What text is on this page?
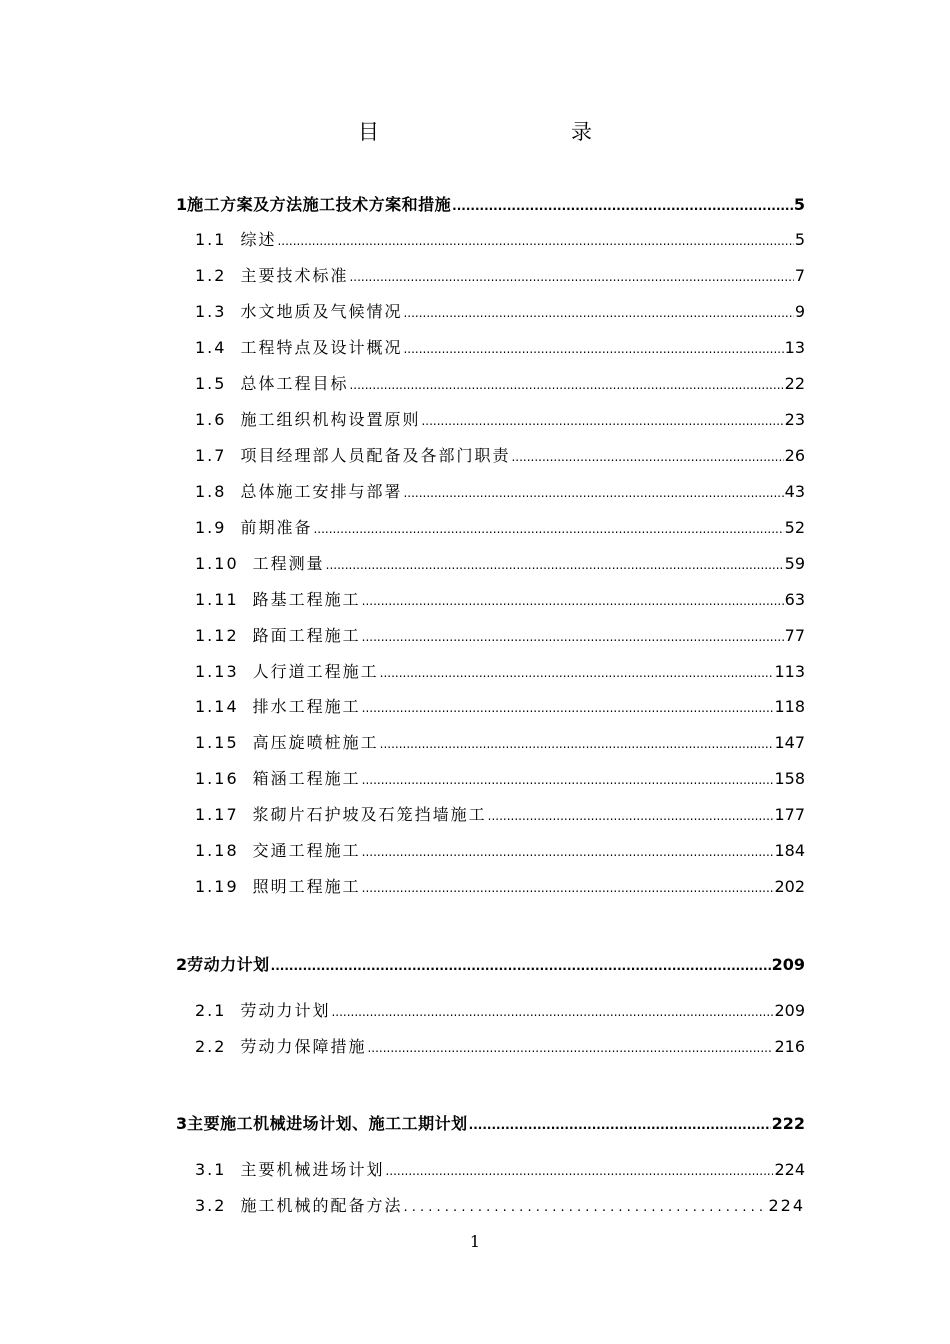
目　　录
1 施工方案及方法施工技术方案和措施 .....	5
1.1 综述 .....	5
1.2 主要技术标准 .....	7
1.3 水文地质及气候情况 .....	9
1.4 工程特点及设计概况 .....	13
1.5 总体工程目标 .....	22
1.6 施工组织机构设置原则 .....	23
1.7 项目经理部人员配备及各部门职责 .....	26
1.8 总体施工安排与部署 .....	43
1.9 前期准备 .....	52
1.10 工程测量 .....	59
1.11 路基工程施工 .....	63
1.12 路面工程施工 .....	77
1.13 人行道工程施工 .....	113
1.14 排水工程施工 .....	118
1.15 高压旋喷桩施工 .....	147
1.16 箱涵工程施工 .....	158
1.17 浆砌片石护坡及石笼挡墙施工 .....	177
1.18 交通工程施工 .....	184
1.19 照明工程施工 .....	202
2 劳动力计划 .....	209
2.1 劳动力计划 .....	209
2.2 劳动力保障措施 .....	216
3 主要施工机械进场计划、施工工期计划 .....	222
3.1 主要机械进场计划 .....	224
3.2 施工机械的配备方法 . . .	224
1
